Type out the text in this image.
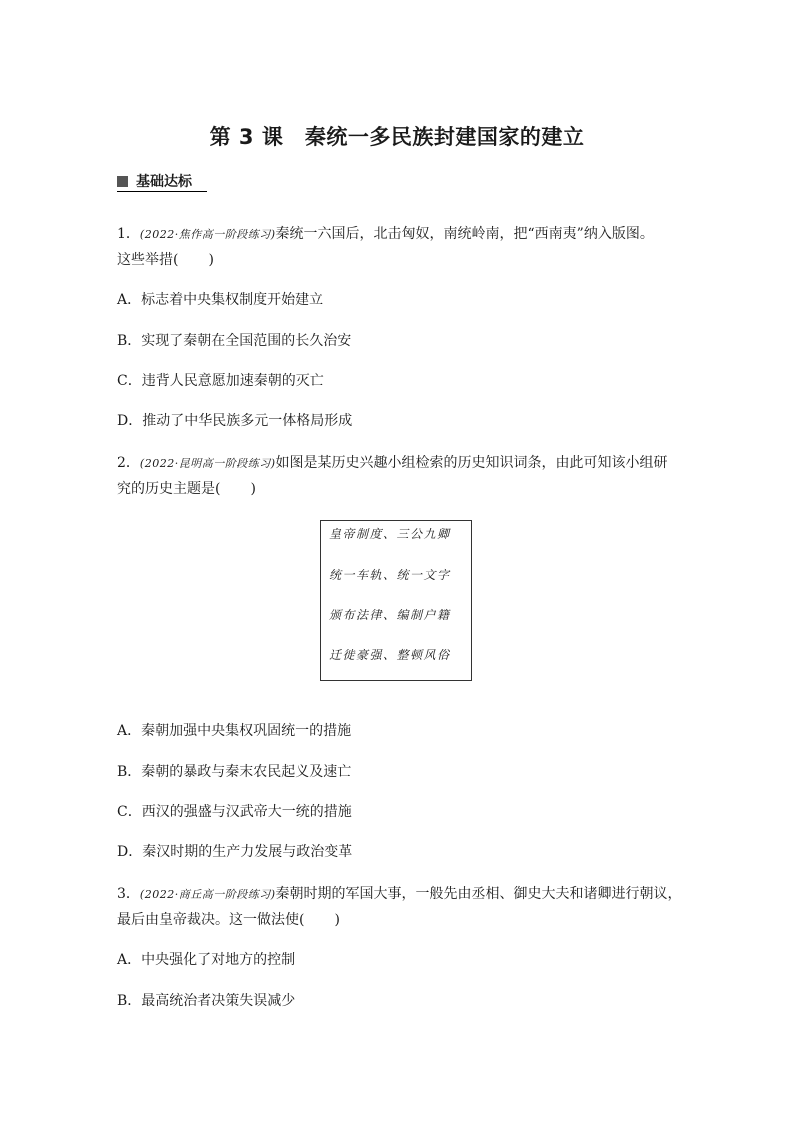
第 3 课　秦统一多民族封建国家的建立
基础达标
1．(2022·焦作高一阶段练习)秦统一六国后，北击匈奴，南统岭南，把“西南夷”纳入版图。
这些举措( )
A．标志着中央集权制度开始建立
B．实现了秦朝在全国范围的长久治安
C．违背人民意愿加速秦朝的灭亡
D．推动了中华民族多元一体格局形成
2．(2022·昆明高一阶段练习)如图是某历史兴趣小组检索的历史知识词条，由此可知该小组研
究的历史主题是( )
皇帝制度、三公九卿
统一车轨、统一文字
颁布法律、编制户籍
迁徙豪强、整顿风俗
A．秦朝加强中央集权巩固统一的措施
B．秦朝的暴政与秦末农民起义及速亡
C．西汉的强盛与汉武帝大一统的措施
D．秦汉时期的生产力发展与政治变革
3．(2022·商丘高一阶段练习)秦朝时期的军国大事，一般先由丞相、御史大夫和诸卿进行朝议，
最后由皇帝裁决。这一做法使( )
A．中央强化了对地方的控制
B．最高统治者决策失误减少
